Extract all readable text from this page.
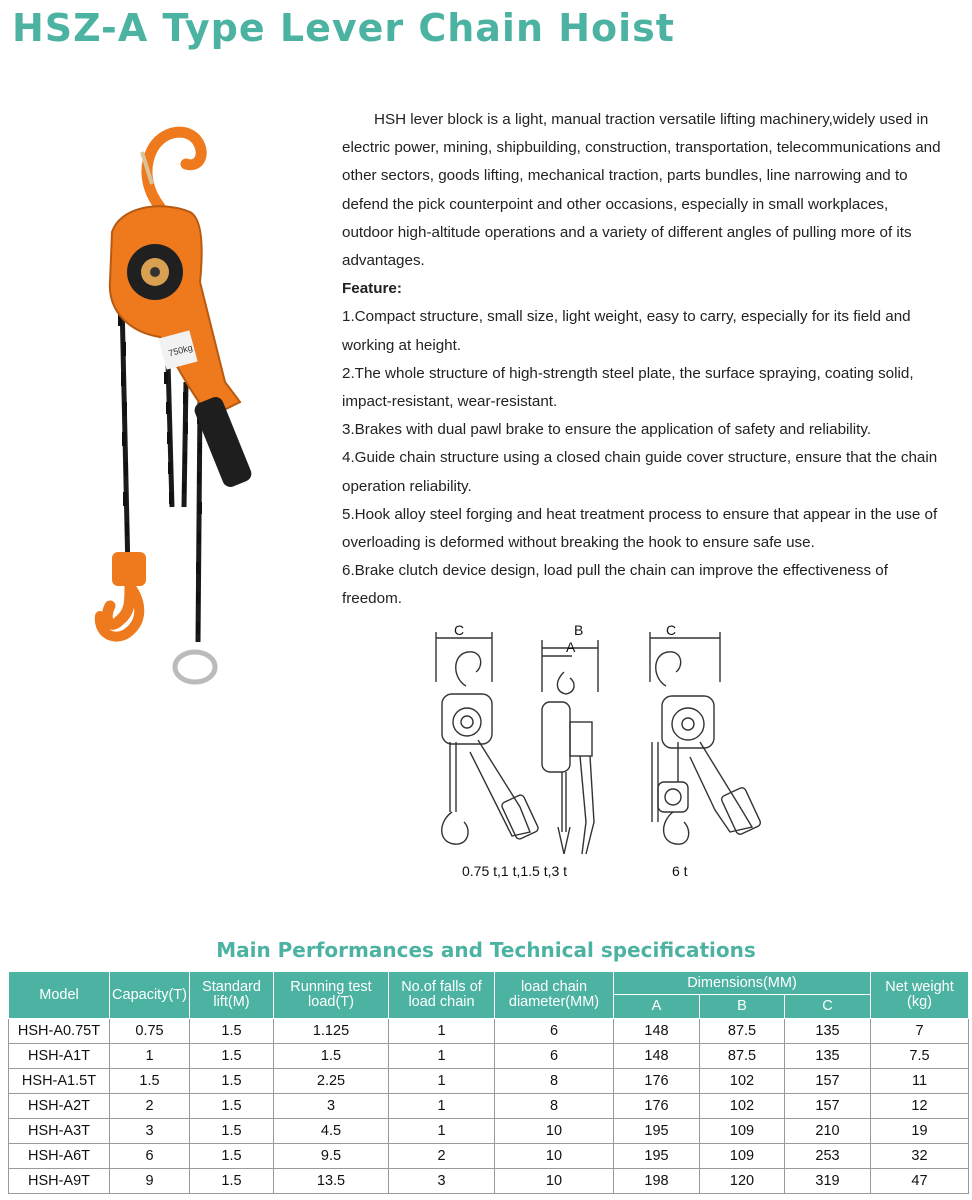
HSZ-A Type Lever Chain Hoist
750kg

HSH lever block is a light, manual traction versatile lifting machinery,widely used in electric power, mining, shipbuilding, construction, transportation, telecommunications and other sectors, goods lifting, mechanical traction, parts bundles, line narrowing and to defend the pick counterpoint and other occasions, especially in small workplaces, outdoor high-altitude operations and a variety of different angles of pulling more of its advantages.

Feature:

1.Compact structure, small size, light weight, easy to carry, especially for its field and working at height.

2.The whole structure of high-strength steel plate, the surface spraying, coating solid, impact-resistant, wear-resistant.

3.Brakes with dual pawl brake to ensure the application of safety and reliability.

4.Guide chain structure using a closed chain guide cover structure, ensure that the chain operation reliability.

5.Hook alloy steel forging and heat treatment process to ensure that appear in the use of overloading is deformed without breaking the hook to ensure safe use.

6.Brake clutch device design, load pull the chain can improve the effectiveness of freedom.

C	B
A
C
0.75 t,1 t,1.5 t,3 t	6 t
Main Performances and Technical specifications
Model	Capacity(T)	Standard lift(M)	Running test load(T)	No.of falls of load chain	load chain diameter(MM)	Dimensions(MM)			Net weight (kg)
						A	B	C	
HSH-A0.75T	0.75	1.5	1.125	1	6	148	87.5	135	7
HSH-A1T	1	1.5	1.5	1	6	148	87.5	135	7.5
HSH-A1.5T	1.5	1.5	2.25	1	8	176	102	157	11
HSH-A2T	2	1.5	3	1	8	176	102	157	12
HSH-A3T	3	1.5	4.5	1	10	195	109	210	19
HSH-A6T	6	1.5	9.5	2	10	195	109	253	32
HSH-A9T	9	1.5	13.5	3	10	198	120	319	47
